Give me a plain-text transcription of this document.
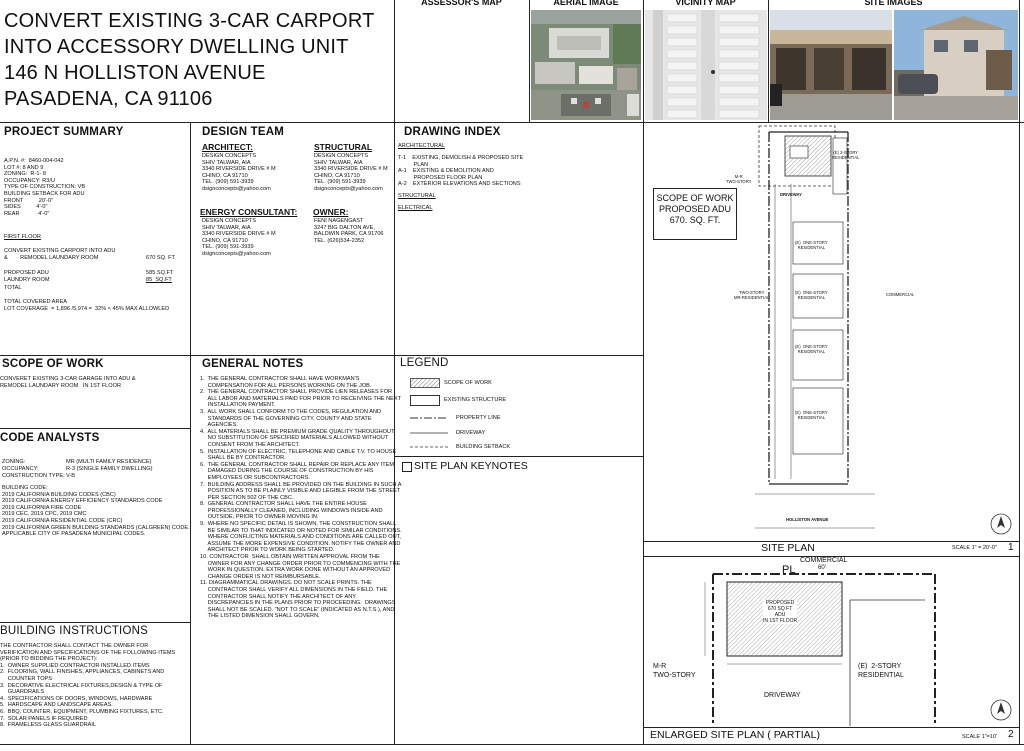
CONVERT EXISTING 3-CAR CARPORT
INTO ACCESSORY DWELLING UNIT
146 N HOLLISTON AVENUE
PASADENA, CA 91106
ASSESSOR'S MAP	AERIAL IMAGE	VICINITY MAP	SITE IMAGES
PROJECT SUMMARY
A.P.N. #:  8460-004-042
LOT #: 8 AND 9
ZONING:  R-1- 8
OCCUPANCY: R3/U
TYPE OF CONSTRUCTION: VB
BUILDING SETBACK FOR ADU
FRONT          20'-0"
SIDES          4'-0"
REAR            4'-0"
FIRST FLOOR
CONVERT EXISTING CARPORT INTO ADU
&        REMODEL LAUNDARY ROOM	670 SQ. FT.
PROPOSED ADU	585 SQ.FT
LAUNDRY ROOM	85  SQ.FT
TOTAL
TOTAL COVERED AREA
LOT COVERAGE  = 1,896 /5,974 =  32% < 45% MAX ALLOWLED
DESIGN TEAM
ARCHITECT:
DESIGN CONCEPTS
SHIV TALWAR, AIA
3340 RIVERSIDE DRIVE # M
CHINO, CA 91710
TEL. (909) 591-3939
dsignconcepts@yahoo.com
STRUCTURAL
DESIGN CONCEPTS
SHIV TALWAR, AIA
3340 RIVERSIDE DRIVE # M
CHINO, CA 91710
TEL. (909) 591-3939
dsignconcepts@yahoo.com
ENERGY CONSULTANT:
DESIGN CONCEPTS
SHIV TALWAR, AIA
3340 RIVERSIDE DRIVE # M
CHINO, CA 91710
TEL. (909) 591-3939
dsignconcepts@yahoo.com
OWNER:
FENI NAGENGAST
3247 BIG DALTON AVE,
BALDWIN PARK, CA 91706
TEL. (626)534-2352
DRAWING INDEX
ARCHITECTURAL
T-1    EXISTING, DEMOLISH & PROPOSED SITE
PLAN
A-1    EXISTING & DEMOLITION AND
PROPOSED FLOOR PLAN
A-2    EXTERIOR ELEVATIONS AND SECTIONS
STRUCTURAL
ELECTRICAL
SCOPE OF WORK
CONVERET EXISTING 3-CAR GARAGE INTO ADU &
REMODEL LAUNDARY ROOM   IN 1ST FLOOR
CODE ANALYSTS
ZONING:	MR (MULTI FAMILY RESIDENCE)
OCCUPANCY:	R-3 (SINGLE FAMILY DWELLING)
CONSTRUCTION TYPE: V-B
BUILDING CODE:
2019 CALIFORNIA BUILDING CODES (CBC)
2019 CALIFORNIA ENERGY EFFICIENCY STANDARDS CODE
2019 CALIFORNIA FIRE CODE
2019 CEC, 2019 CPC, 2019 CMC
2019 CALIFORNIA RESIDENTIAL CODE (CRC)
2019 CALIFORNIA GREEN BUILDING STANDARDS (CALGREEN) CODE.
APPLICABLE CITY OF PASADENA MUNICIPAL CODES.
GENERAL NOTES
1.  THE GENERAL CONTRACTOR SHALL HAVE WORKMAN'S
COMPENSATION FOR ALL PERSONS WORKING ON THE JOB.
2.  THE GENERAL CONTRACTOR SHALL PROVIDE LIEN RELEASES FOR
ALL LABOR AND MATERIALS PAID FOR PRIOR TO RECEIVING THE NEXT
INSTALLATION PAYMENT.
3.  ALL WORK SHALL CONFORM TO THE CODES, REGULATION AND
STANDARDS OF THE GOVERNING CITY, COUNTY AND STATE
AGENCIES.
4.  ALL MATERIALS SHALL BE PREMIUM GRADE QUALITY THROUGHOUT.
NO SUBSTITUTION OF SPECIFIED MATERIALS ALLOWED WITHOUT
CONSENT FROM THE ARCHITECT.
5.  INSTALLATION OF ELECTRIC, TELEPHONE AND CABLE T.V. TO HOUSE
SHALL BE BY CONTRACTOR.
6.  THE GENERAL CONTRACTOR SHALL REPAIR OR REPLACE ANY ITEM
DAMAGED DURING THE COURSE OF CONSTRUCTION BY HIS
EMPLOYEES OR SUBCONTRACTORS.
7.  BUILDING ADDRESS SHALL BE PROVIDED ON THE BUILDING IN SUCH A
POSITION AS TO BE PLAINLY VISIBLE AND LEGIBLE FROM THE STREET
PER SECTION 502 OF THE CBC.
8.  GENERAL CONTRACTOR SHALL HAVE THE ENTIRE HOUSE
PROFESSIONALLY CLEANED, INCLUDING WINDOWS INSIDE AND
OUTSIDE, PRIOR TO OWNER MOVING IN.
9.  WHERE NO SPECIFIC DETAIL IS SHOWN, THE CONSTRUCTION SHALL
BE SIMILAR TO THAT INDICATED OR NOTED FOR SIMILAR CONDITIONS.
WHERE CONFLICTING MATERIALS AND CONDITIONS ARE CALLED OUT,
ASSUME THE MORE EXPENSIVE CONDITION. NOTIFY THE OWNER AND
ARCHITECT PRIOR TO WORK BEING STARTED.
10. CONTRACTOR  SHALL OBTAIN WRITTEN APPROVAL FROM THE
OWNER FOR ANY CHANGE ORDER PRIOR TO COMMENCING WITH THE
WORK IN QUESTION. EXTRA WORK DONE WITHOUT AN APPROVED
CHANGE ORDER IS NOT REIMBURSABLE.
11. DIAGRAMMATICAL DRAWINGS. DO NOT SCALE PRINTS. THE
CONTRACTOR SHALL VERIFY ALL DIMENSIONS IN THE FIELD. THE
CONTRACTOR SHALL NOTIFY THE ARCHITECT OF ANY
DISCREPANCIES IN THE PLANS PRIOR TO PROCEEDING.  DRAWINGS
SHALL NOT BE SCALED. "NOT TO SCALE" (INDICATED AS N.T.S.), AND
THE LISTED DIMENSION SHALL GOVERN.
LEGEND
SCOPE OF WORK
EXISTING STRUCTURE
PROPERTY LINE
DRIVEWAY
BUILDING SETBACK
SITE PLAN KEYNOTES
BUILDING INSTRUCTIONS
THE CONTRACTOR SHALL CONTACT THE OWNER FOR
VERIFICATION AND SPECIFICATIONS OF THE FOLLOWING ITEMS
(PRIOR TO BIDDING THE PROJECT):
1.  OWNER SUPPLIED CONTRACTOR INSTALLED ITEMS
2.  FLOORING, WALL FINISHES, APPLIANCES, CABINETS AND
COUNTER TOPS
3.  DECORATIVE ELECTRICAL FIXTURES,DESIGN & TYPE OF
GUARDRAILS
4.  SPECIFICATIONS OF DOORS, WINDOWS, HARDWARE
5.  HARDSCAPE AND LANDSCAPE AREAS.
6.  BBQ, COUNTER, EQUIPMENT, PLUMBING FIXTURES, ETC.
7.  SOLAR PANELS IF REQUIRED
8.  FRAMELESS GLASS GUARDRAIL
SCOPE OF WORK
PROPOSED ADU
670. SQ. FT.
M-R
TWO-STORY
(E) 2-STORY
RESIDENTIAL
DRIVEWAY
(E)  ONE-STORY
RESIDENTIAL
(E)  ONE-STORY
RESIDENTIAL
(E)  ONE-STORY
RESIDENTIAL
(E)  ONE-STORY
RESIDENTIAL
TWO-STORY
MR-RESIDENTIAL
COMMERCIAL
HOLLISTON AVENUE
SITE PLAN	SCALE 1" = 20'-0" 1
COMMERCIAL
60'
PL
PROPOSED
670 SQ FT
ADU
IN 1ST FLOOR
M-R
TWO-STORY
(E)  2-STORY
RESIDENTIAL
DRIVEWAY
ENLARGED SITE PLAN ( PARTIAL)	SCALE 1"=10' 2
